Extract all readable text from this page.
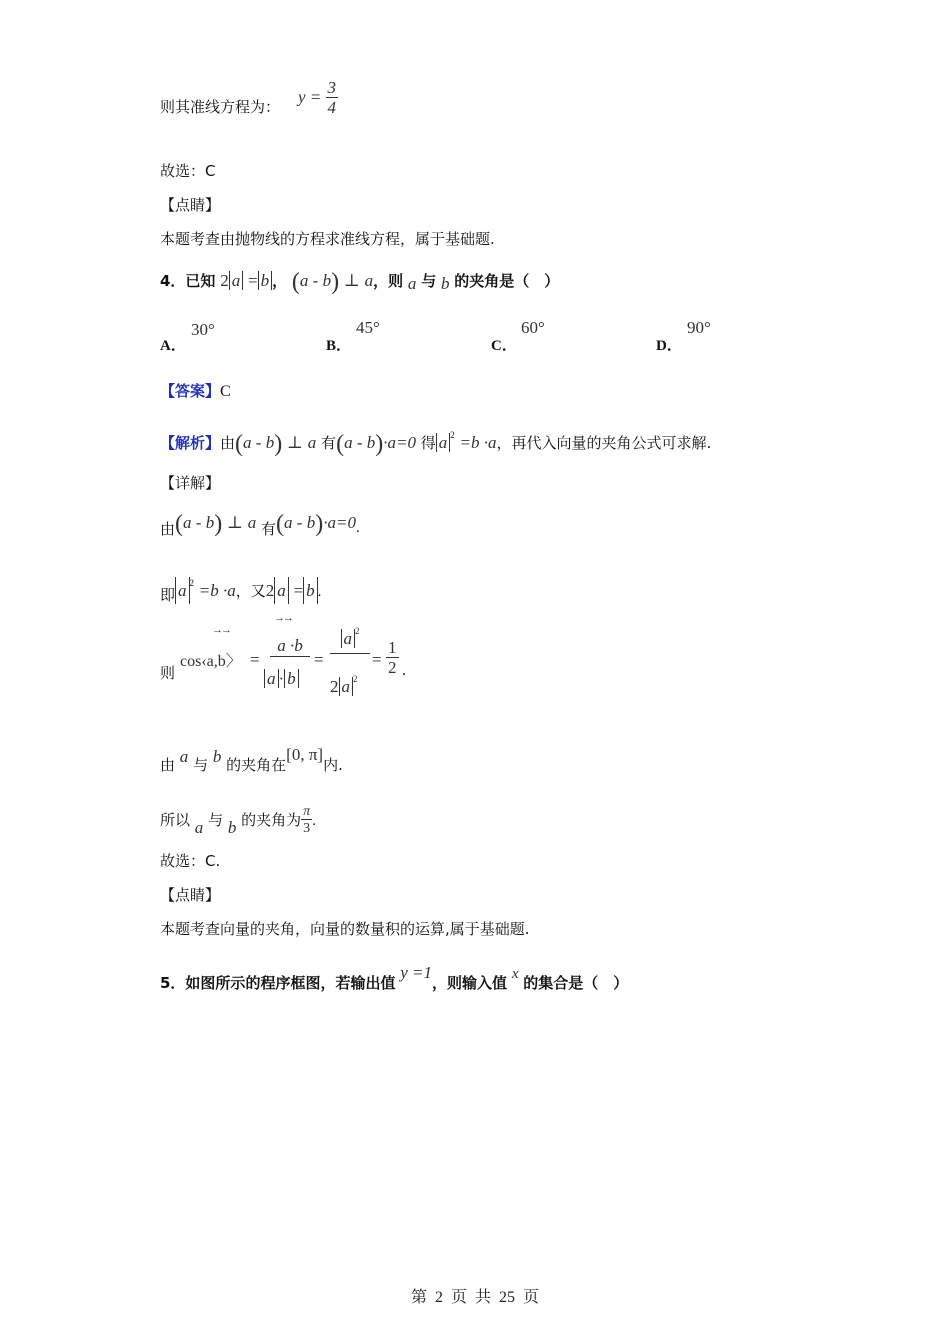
则其准线方程为：
$y = \frac{3}{4}$
故选：C
【点睛】
本题考查由抛物线的方程求准线方程，属于基础题.
4．已知 2 a = b ， (a - b) ⊥ a，则 a 与 b 的夹角是（　）
A．
30°
B．
45°
C．
60°
D．
90°
【答案】C
【解析】由(a - b) ⊥ a 有(a - b)·a=0 得 a $^2$ =b ·a，再代入向量的夹角公式可求解.
【详解】
由(a - b) ⊥ a 有(a - b)·a=0.
即 a $^2$ =b ·a，又2 a = b .
则
→→
cos‹a,b〉 =
→→
a ·b
a · b
=
a $^2$
2 a $^2$
= $\frac{1}{2}$ .
由 a 与 b 的夹角在[0, π]内.
所以 a 与 b 的夹角为 $\frac{\pi}{3}$ .
故选：C.
【点睛】
本题考查向量的夹角，向量的数量积的运算,属于基础题.
5．如图所示的程序框图，若输出值 y =1，则输入值 x 的集合是（　）
第 2 页 共 25 页
